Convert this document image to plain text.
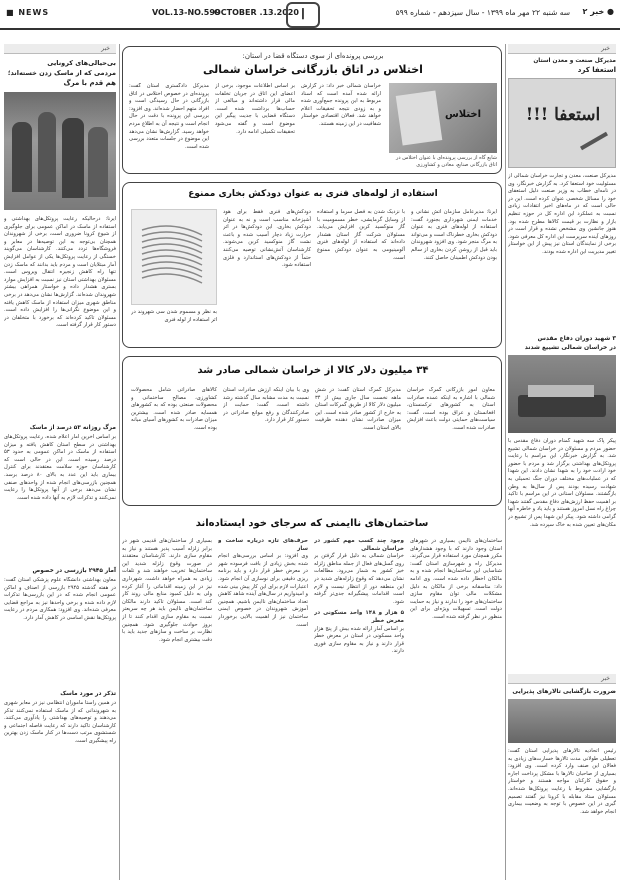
■ NEWS	VOL.13-NO.599
OCTOBER .13.2020 ا	سه شنبه ۲۲ مهر ماه ۱۳۹۹ - سال سیزدهم - شماره ۵۹۹ ● خبر ۲
خبر
بی‌حیالی‌های کرونایی
مردمی که از ماسک زدن خسته‌اند؛
هم قدم با مرگ
ایرنا: درحالیکه رعایت پروتکل‌های بهداشتی و استفاده از ماسک در اماکن عمومی برای جلوگیری از شیوع کرونا ضروری است، برخی از شهروندان همچنان بی‌توجه به این توصیه‌ها در معابر و فروشگاه‌ها تردد می‌کنند. کارشناسان می‌گویند خستگی از رعایت پروتکل‌ها یکی از عوامل افزایش آمار مبتلایان است و مردم باید بدانند که ماسک زدن تنها راه کاهش زنجیره انتقال ویروس است. مسئولان بهداشتی استان نیز نسبت به افزایش موارد بستری هشدار داده و خواستار همراهی بیشتر شهروندان شده‌اند. گزارش‌ها نشان می‌دهد در برخی مناطق شهری میزان استفاده از ماسک کاهش یافته و این موضوع نگرانی‌ها را افزایش داده است. مسئولان تاکید کرده‌اند که برخورد با متخلفان در دستور کار قرار گرفته است.
مرگ روزانه ۵۳ درصد از ماسک
بر اساس آخرین آمار اعلام شده، رعایت پروتکل‌های بهداشتی در سطح استان کاهش یافته و میزان استفاده از ماسک در اماکن عمومی به حدود ۵۳ درصد رسیده است. این در حالی است که کارشناسان حوزه سلامت معتقدند برای کنترل بیماری باید این عدد به بالای ۸۰ درصد برسد. همچنین بازرسی‌های انجام شده از واحدهای صنفی نشان می‌دهد برخی از آنها پروتکل‌ها را رعایت نمی‌کنند و تذکرات لازم به آنها داده شده است.
آمار ۲۹۴۵ بازرسی در خصوص
معاون بهداشتی دانشگاه علوم پزشکی استان گفت: در هفته گذشته ۲۹۴۵ بازرسی از اصناف و اماکن عمومی انجام شده که در این بازرسی‌ها تذکرات لازم داده شده و برخی واحدها نیز به مراجع قضایی معرفی شده‌اند. وی افزود: همکاری مردم در رعایت پروتکل‌ها نقش اساسی در کاهش آمار دارد.
تذکر در مورد ماسک
در همین راستا ماموران انتظامی نیز در معابر شهری به شهروندانی که از ماسک استفاده نمی‌کنند تذکر می‌دهند و توصیه‌های بهداشتی را یادآوری می‌کنند. کارشناسان تاکید دارند که رعایت فاصله اجتماعی و شستشوی مرتب دست‌ها در کنار ماسک زدن بهترین راه پیشگیری است.
خبر
مدیرکل صنعت و معدن استان
استعفا کرد
استعفا !!!
مدیرکل صنعت، معدن و تجارت خراسان شمالی از مسئولیت خود استعفا کرد. به گزارش خبرنگار، وی در نامه‌ای خطاب به وزیر صنعت دلیل استعفای خود را مسائل شخصی عنوان کرده است. این در حالی است که در ماه‌های اخیر انتقادات زیادی نسبت به عملکرد این اداره کل در حوزه تنظیم بازار و نظارت بر قیمت کالاها مطرح شده بود. هنوز جانشین وی مشخص نشده و قرار است در روزهای آینده سرپرست این اداره کل معرفی شود. برخی از نمایندگان استان نیز پیش از این خواستار تغییر مدیریت این اداره شده بودند.
۳ شهید دوران دفاع مقدس
در خراسان شمالی تشییع شدند
پیکر پاک سه شهید گمنام دوران دفاع مقدس با حضور مردم و مسئولان در خراسان شمالی تشییع شد. به گزارش خبرنگار، این مراسم با رعایت پروتکل‌های بهداشتی برگزار شد و مردم با حضور خود ارادت خود را به شهدا نشان دادند. این شهدا که در عملیات‌های مختلف دوران جنگ تحمیلی به شهادت رسیده بودند پس از سال‌ها به وطن بازگشتند. مسئولان استانی در این مراسم با تاکید بر اهمیت حفظ ارزش‌های دفاع مقدس گفتند شهدا چراغ راه نسل امروز هستند و باید یاد و خاطره آنها گرامی داشته شود. پیکر این شهدا پس از تشییع در مکان‌های تعیین شده به خاک سپرده شد.
خبر
ضرورت بازگشایی تالارهای پذیرایی
رئیس اتحادیه تالارهای پذیرایی استان گفت: تعطیلی طولانی مدت تالارها خسارت‌های زیادی به فعالان این صنف وارد کرده است. وی افزود: بسیاری از صاحبان تالارها با مشکل پرداخت اجاره و حقوق کارکنان مواجه هستند و خواستار بازگشایی مشروط با رعایت پروتکل‌ها شده‌اند. مسئولان ستاد مقابله با کرونا نیز گفتند تصمیم گیری در این خصوص با توجه به وضعیت بیماری انجام خواهد شد.
بررسی پرونده‌ای از سوی دستگاه قضا در استان:
اختلاس در اتاق بازرگانی خراسان شمالی
مدیرکل دادگستری استان گفت: پرونده‌ای در خصوص اختلاس در اتاق بازرگانی در حال رسیدگی است و افراد متهم احضار شده‌اند. وی افزود: بررسی این پرونده با دقت در حال انجام است و نتیجه آن به اطلاع مردم خواهد رسید. گزارش‌ها نشان می‌دهد این موضوع در جلسات متعدد بررسی شده است.
بر اساس اطلاعات موجود، برخی از اعضای این اتاق در جریان تخلفات مالی قرار داشته‌اند و مبالغی از حساب‌ها برداشت شده است. دستگاه قضایی با جدیت پیگیر این موضوع است و گفته می‌شود تحقیقات تکمیلی ادامه دارد.
خراسان شمالی خبر داد: در گزارش ارائه شده آمده است که اسناد مربوط به این پرونده جمع‌آوری شده و به زودی نتیجه تحقیقات اعلام خواهد شد. فعالان اقتصادی خواستار شفافیت در این زمینه هستند.
اختلاس
شایع گاه از بررسی پرونده‌ای با عنوان اختلاس در اتاق بازرگانی صنایع، معادن و کشاورزی
استفاده از لوله‌های فنری به عنوان دودکش بخاری ممنوع
به نظر و مسموم شدن سی شهروند در اثر استفاده از لوله فنری
دودکش‌های فنری فقط برای هود آشپزخانه مناسب است و نه به عنوان دودکش بخاری. این دودکش‌ها در اثر حرارت زیاد دچار آسیب شده و باعث نشت گاز منوکسید کربن می‌شوند. کارشناسان آتش‌نشانی توصیه می‌کنند حتماً از دودکش‌های استاندارد و فلزی استفاده شود.
با نزدیک شدن به فصل سرما و استفاده از وسایل گرمایشی، خطر مسمومیت با گاز منوکسید کربن افزایش می‌یابد. مسئولان شرکت گاز استان هشدار داده‌اند که استفاده از لوله‌های فنری آلومینیومی به عنوان دودکش ممنوع است.
ایرنا: مدیرعامل سازمان آتش نشانی و خدمات ایمنی شهرداری بجنورد گفت: استفاده از لوله‌های فنری به عنوان دودکش بخاری خطرناک است و می‌تواند به مرگ منجر شود. وی افزود شهروندان باید قبل از روشن کردن بخاری از سالم بودن دودکش اطمینان حاصل کنند.
۳۴ میلیون دلار کالا از خراسان شمالی صادر شد
کالاهای صادراتی شامل محصولات کشاورزی، مصالح ساختمانی و محصولات صنعتی بوده که به کشورهای همسایه صادر شده است. بیشترین میزان صادرات به کشورهای آسیای میانه بوده است.
وی با بیان اینکه ارزش صادرات استان نسبت به مدت مشابه سال گذشته رشد داشته است، گفت: حمایت از صادرکنندگان و رفع موانع صادراتی در دستور کار قرار دارد.
مدیرکل گمرک استان گفت: در شش ماهه نخست سال جاری بیش از ۳۴ میلیون دلار کالا از طریق گمرکات استان به خارج از کشور صادر شده است. این میزان صادرات نشان دهنده ظرفیت بالای استان است.
معاون امور بازرگانی گمرک خراسان شمالی با اشاره به اینکه عمده صادرات استان به کشورهای ترکمنستان، افغانستان و عراق بوده است، گفت: سیاست‌های حمایتی دولت باعث افزایش صادرات شده است.
ساختمان‌های ناایمنی که سرجای خود ایستاده‌اند
بسیاری از ساختمان‌های قدیمی شهر در برابر زلزله آسیب پذیر هستند و نیاز به مقاوم سازی دارند. کارشناسان معتقدند در صورت وقوع زلزله شدید این ساختمان‌ها تخریب خواهند شد و تلفات زیادی به همراه خواهد داشت. شهرداری نیز در این زمینه اقداماتی را آغاز کرده ولی به دلیل کمبود منابع مالی روند کار کند است. مسئولان تاکید دارند مالکان ساختمان‌های ناایمن باید هر چه سریعتر نسبت به مقاوم سازی اقدام کنند تا از بروز حوادث جلوگیری شود. همچنین نظارت بر ساخت و سازهای جدید باید با دقت بیشتری انجام شود.
حرف‌های تازه درباره ساخت و ساز
وی افزود: بر اساس بررسی‌های انجام شده بخش زیادی از بافت فرسوده شهر در معرض خطر قرار دارد و باید برنامه ریزی دقیقی برای نوسازی آن انجام شود. اعتبارات لازم برای این کار پیش بینی شده و امیدواریم در سال‌های آینده شاهد کاهش تعداد ساختمان‌های ناایمن باشیم. همچنین آموزش شهروندان در خصوص ایمنی ساختمان نیز از اهمیت بالایی برخوردار است.
وجود چند کسب مهم کشور در خراسان شمالی
خراسان شمالی به دلیل قرار گرفتن بر روی گسل‌های فعال از جمله مناطق زلزله خیز کشور به شمار می‌رود. مطالعات نشان می‌دهد که وقوع زلزله‌های شدید در این منطقه دور از انتظار نیست و لازم است اقدامات پیشگیرانه جدی‌تر گرفته شود.
۵ هزار و ۱۴۸ واحد مسکونی در معرض خطر
بر اساس آمار ارائه شده بیش از پنج هزار واحد مسکونی در استان در معرض خطر قرار دارند و نیاز به مقاوم سازی فوری دارند.
ساختمان‌های ناایمن بسیاری در شهرهای استان وجود دارند که با وجود هشدارهای مکرر همچنان مورد استفاده قرار می‌گیرند. مدیرکل راه و شهرسازی استان گفت: شناسایی این ساختمان‌ها انجام شده و به مالکان اخطار داده شده است. وی ادامه داد: متاسفانه برخی از مالکان به دلیل مشکلات مالی توان مقاوم سازی ساختمان‌های خود را ندارند و نیاز به حمایت دولت است. تسهیلات ویژه‌ای برای این منظور در نظر گرفته شده است.
